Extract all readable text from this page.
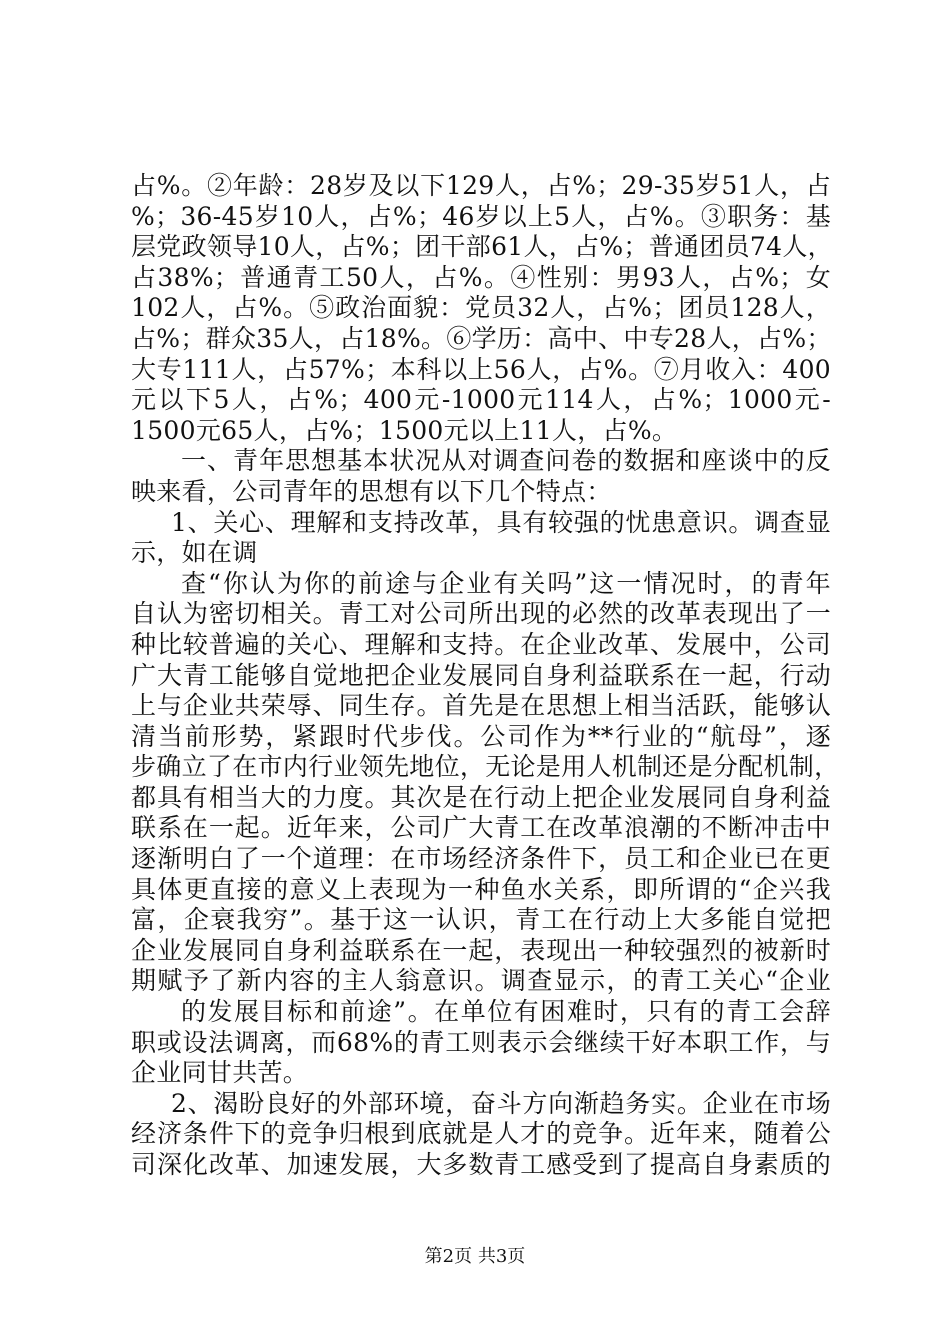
占%。②年龄：28岁及以下129人，占%；29-35岁51人，占
%；36-45岁10人，占%；46岁以上5人，占%。③职务：基
层党政领导10人，占%；团干部61人，占%；普通团员74人，
占38%；普通青工50人，占%。④性别：男93人，占%；女
102人，占%。⑤政治面貌：党员32人，占%；团员128人，
占%；群众35人，占18%。⑥学历：高中、中专28人，占%；
大专111人，占57%；本科以上56人，占%。⑦月收入：400
元以下5人，占%；400元-1000元114人，占%；1000元-
1500元65人，占%；1500元以上11人，占%。
一、青年思想基本状况从对调查问卷的数据和座谈中的反
映来看，公司青年的思想有以下几个特点：
1、关心、理解和支持改革，具有较强的忧患意识。调查显
示，如在调
查“你认为你的前途与企业有关吗”这一情况时，的青年
自认为密切相关。青工对公司所出现的必然的改革表现出了一
种比较普遍的关心、理解和支持。在企业改革、发展中，公司
广大青工能够自觉地把企业发展同自身利益联系在一起，行动
上与企业共荣辱、同生存。首先是在思想上相当活跃，能够认
清当前形势，紧跟时代步伐。公司作为**行业的“航母”，逐
步确立了在市内行业领先地位，无论是用人机制还是分配机制，
都具有相当大的力度。其次是在行动上把企业发展同自身利益
联系在一起。近年来，公司广大青工在改革浪潮的不断冲击中
逐渐明白了一个道理：在市场经济条件下，员工和企业已在更
具体更直接的意义上表现为一种鱼水关系，即所谓的“企兴我
富，企衰我穷”。基于这一认识，青工在行动上大多能自觉把
企业发展同自身利益联系在一起，表现出一种较强烈的被新时
期赋予了新内容的主人翁意识。调查显示，的青工关心“企业
的发展目标和前途”。在单位有困难时，只有的青工会辞
职或设法调离，而68%的青工则表示会继续干好本职工作，与
企业同甘共苦。
2、渴盼良好的外部环境，奋斗方向渐趋务实。企业在市场
经济条件下的竞争归根到底就是人才的竞争。近年来，随着公
司深化改革、加速发展，大多数青工感受到了提高自身素质的
第2页 共3页
